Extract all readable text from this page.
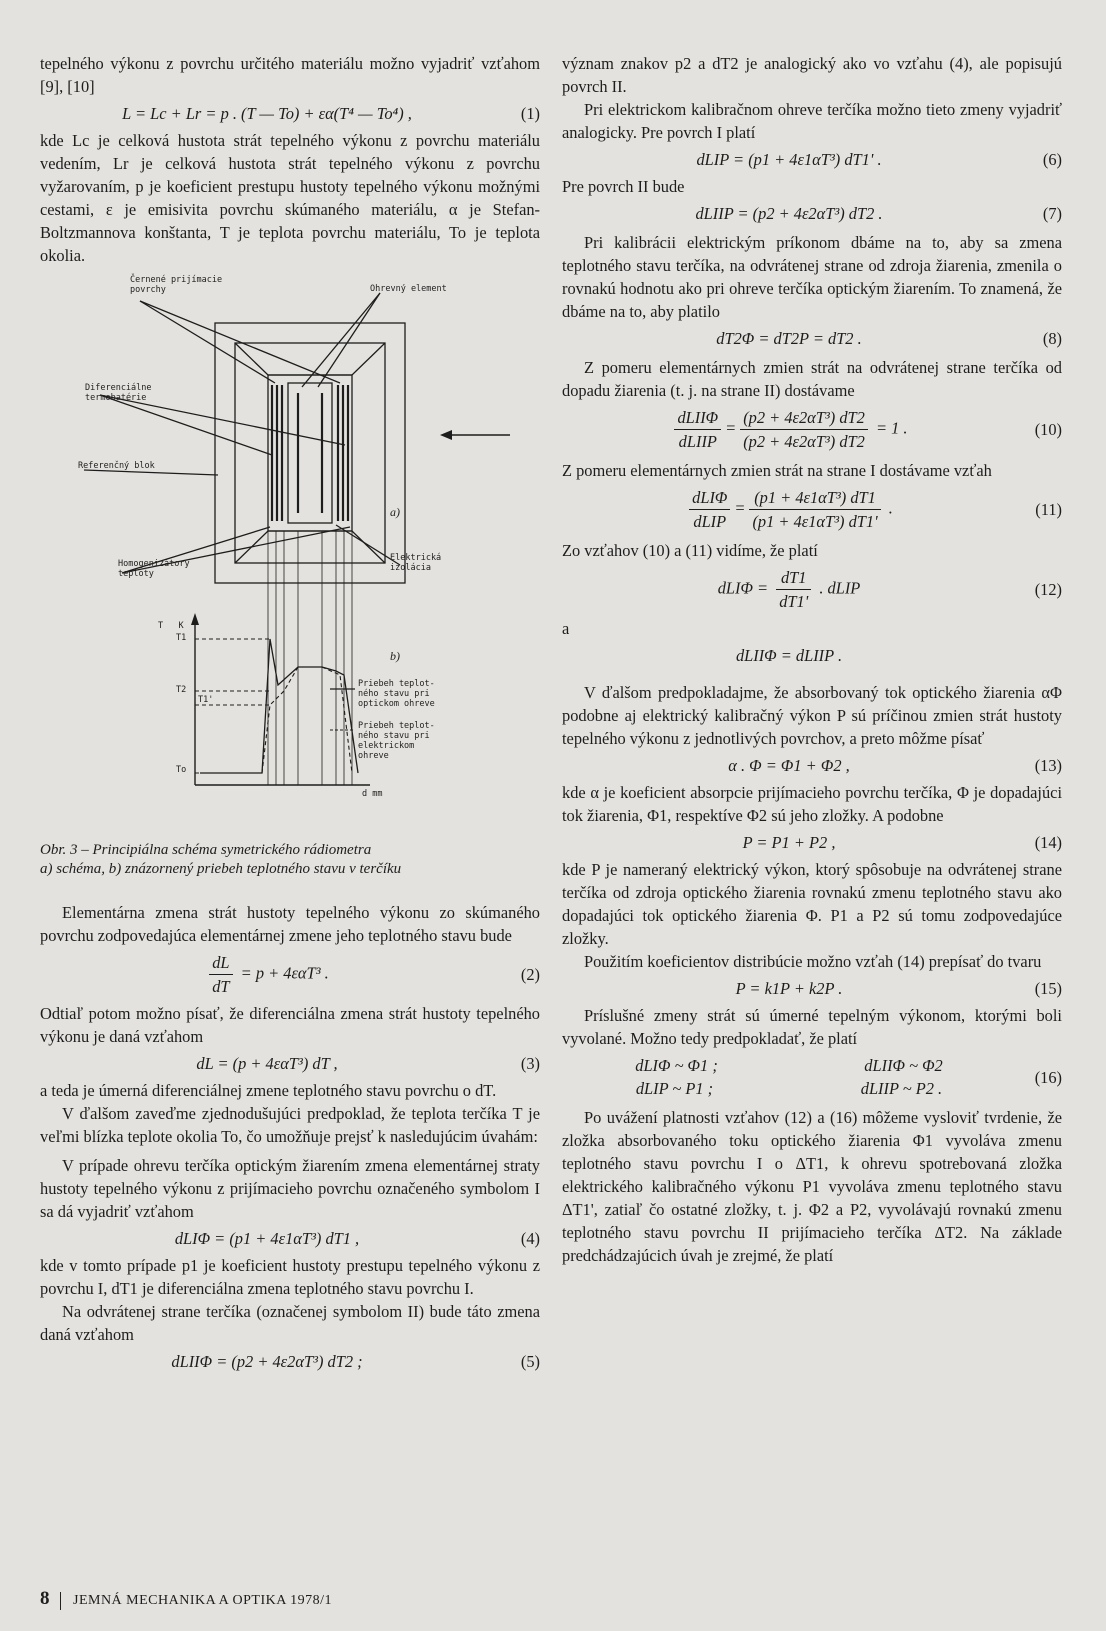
tepelného výkonu z povrchu určitého materiálu možno vyjadriť vzťahom [9], [10]

L = Lc + Lr = p . (T — To) + εα(T⁴ — To⁴) ,	(1)

kde Lc je celková hustota strát tepelného výkonu z povrchu materiálu vedením, Lr je celková hustota strát tepelného výkonu z povrchu vyžarovaním, p je koeficient prestupu hustoty tepelného výkonu možnými cestami, ε je emisivita povrchu skúmaného materiálu, α je Stefan-Boltzmannova konštanta, T je teplota povrchu materiálu, To je teplota okolia.

Černené prijímacie
povrchy	Ohrevný element
Diferenciálne
termobatérie
Referenčný blok
Homogenizátory
teploty
Elektrická
izolácia
a)
b)
T   K
T1
T2
T1'
To
d mm
Priebeh teplot-
ného stavu pri
optickom ohreve
Priebeh teplot-
ného stavu pri
elektrickom
ohreve
Obr. 3 – Principiálna schéma symetrického rádiometra
a) schéma, b) znázornený priebeh teplotného stavu v terčíku

Elementárna zmena strát hustoty tepelného výkonu zo skúmaného povrchu zodpovedajúca elementárnej zmene jeho teplotného stavu bude

$\frac{dL}{dT} = p + 4\varepsilon\alpha T^3$ .	(2)

Odtiaľ potom možno písať, že diferenciálna zmena strát hustoty tepelného výkonu je daná vzťahom

dL = (p + 4εαT³) dT ,	(3)

a teda je úmerná diferenciálnej zmene teplotného stavu povrchu o dT.

V ďalšom zaveďme zjednodušujúci predpoklad, že teplota terčíka T je veľmi blízka teplote okolia To, čo umožňuje prejsť k nasledujúcim úvahám:

V prípade ohrevu terčíka optickým žiarením zmena elementárnej straty hustoty tepelného výkonu z prijímacieho povrchu označeného symbolom I sa dá vyjadriť vzťahom

dLIΦ = (p1 + 4ε1αT³) dT1 ,	(4)

kde v tomto prípade p1 je koeficient hustoty prestupu tepelného výkonu z povrchu I, dT1 je diferenciálna zmena teplotného stavu povrchu I.

Na odvrátenej strane terčíka (označenej symbolom II) bude táto zmena daná vzťahom

dLIIΦ = (p2 + 4ε2αT³) dT2 ;	(5)

význam znakov p2 a dT2 je analogický ako vo vzťahu (4), ale popisujú povrch II.

Pri elektrickom kalibračnom ohreve terčíka možno tieto zmeny vyjadriť analogicky. Pre povrch I platí

dLIP = (p1 + 4ε1αT³) dT1' .	(6)

Pre povrch II bude

dLIIP = (p2 + 4ε2αT³) dT2 .	(7)

Pri kalibrácii elektrickým príkonom dbáme na to, aby sa zmena teplotného stavu terčíka, na odvrátenej strane od zdroja žiarenia, zmenila o rovnakú hodnotu ako pri ohreve terčíka optickým žiarením. To znamená, že dbáme na to, aby platilo

dT2Φ = dT2P = dT2 .	(8)

Z pomeru elementárnych zmien strát na odvrátenej strane terčíka od dopadu žiarenia (t. j. na strane II) dostávame

$\frac{\text{dLIIΦ}}{\text{dLIIP}} = \frac{\text{(p2 + 4ε2αT³) dT2}}{\text{(p2 + 4ε2αT³) dT2}} = 1$ .	(10)

Z pomeru elementárnych zmien strát na strane I dostávame vzťah

$\frac{\text{dLIΦ}}{\text{dLIP}} = \frac{\text{(p1 + 4ε1αT³) dT1}}{\text{(p1 + 4ε1αT³) dT1'}}$ .	(11)

Zo vzťahov (10) a (11) vidíme, že platí

$dLI\Phi = \frac{dT1}{dT1'}$ . dLIP	(12)

a

dLIIΦ = dLIIP .

V ďalšom predpokladajme, že absorbovaný tok optického žiarenia αΦ podobne aj elektrický kalibračný výkon P sú príčinou zmien strát hustoty tepelného výkonu z jednotlivých povrchov, a preto môžme písať

α . Φ = Φ1 + Φ2 ,	(13)

kde α je koeficient absorpcie prijímacieho povrchu terčíka, Φ je dopadajúci tok žiarenia, Φ1, respektíve Φ2 sú jeho zložky. A podobne

P = P1 + P2 ,	(14)

kde P je nameraný elektrický výkon, ktorý spôsobuje na odvrátenej strane terčíka od zdroja optického žiarenia rovnakú zmenu teplotného stavu ako dopadajúci tok optického žiarenia Φ. P1 a P2 sú tomu zodpovedajúce zložky.

Použitím koeficientov distribúcie možno vzťah (14) prepísať do tvaru

P = k1P + k2P .	(15)

Príslušné zmeny strát sú úmerné tepelným výkonom, ktorými boli vyvolané. Možno tedy predpokladať, že platí

dLIΦ ~ Φ1 ;	dLIIΦ ~ Φ2
dLIP ~ P1 ;	dLIIP ~ P2 .
(16)

Po uvážení platnosti vzťahov (12) a (16) môžeme vysloviť tvrdenie, že zložka absorbovaného toku optického žiarenia Φ1 vyvoláva zmenu teplotného stavu povrchu I o ΔT1, k ohrevu spotrebovaná zložka elektrického kalibračného výkonu P1 vyvoláva zmenu teplotného stavu ΔT1', zatiaľ čo ostatné zložky, t. j. Φ2 a P2, vyvolávajú rovnakú zmenu teplotného stavu povrchu II prijímacieho terčíka ΔT2. Na základe predchádzajúcich úvah je zrejmé, že platí

8 JEMNÁ MECHANIKA A OPTIKA 1978/1
